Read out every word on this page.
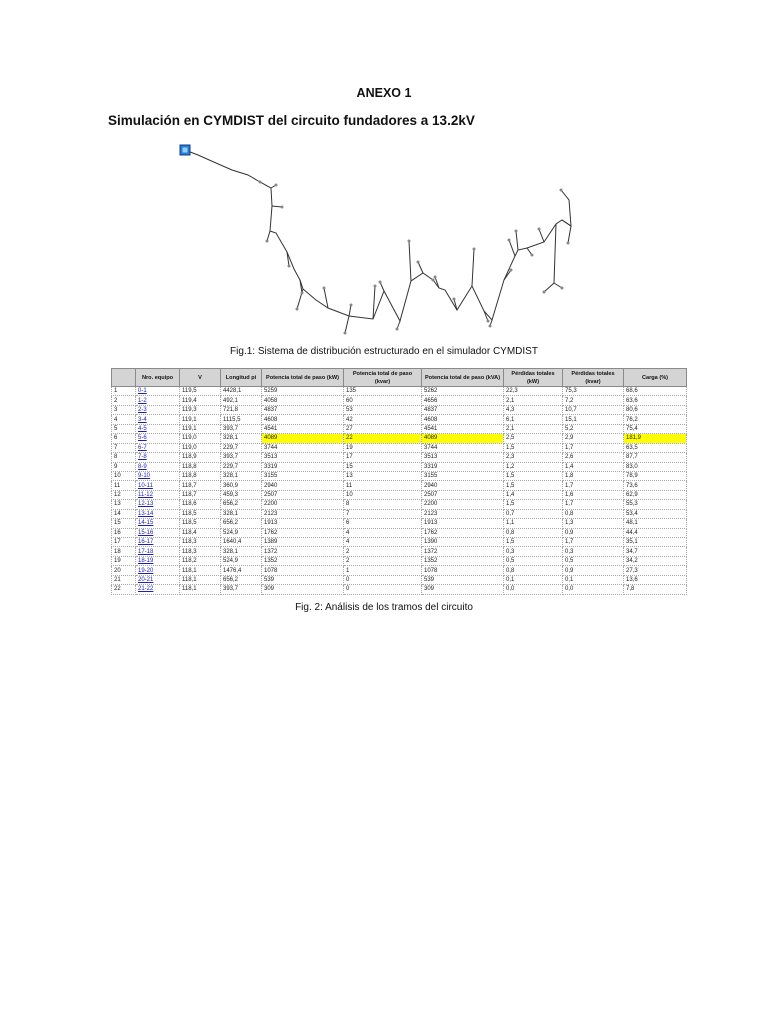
ANEXO 1
Simulación en CYMDIST del circuito fundadores a 13.2kV
Fig.1: Sistema de distribución estructurado en el simulador CYMDIST
	Nro. equipo	V	Longitud pi	Potencia total de paso (kW)	Potencia total de paso (kvar)	Potencia total de paso (kVA)	Pérdidas totales (kW)	Pérdidas totales (kvar)	Carga (%)
1	0-1	119,5	4428,1	5259	135	5262	22,3	75,3	68,6
2	1-2	119,4	492,1	4058	60	4656	2,1	7,2	63,6
3	2-3	119,3	721,8	4837	53	4837	4,3	10,7	80,6
4	3-4	119,1	1115,5	4608	42	4608	6,1	15,1	76,2
5	4-5	119,1	393,7	4541	27	4541	2,1	5,2	75,4
6	5-6	119,0	328,1	4089	22	4089	2,5	2,9	181,9
7	6-7	119,0	229,7	3744	19	3744	1,5	1,7	63,5
8	7-8	118,9	393,7	3513	17	3513	2,3	2,6	87,7
9	8-9	118,8	229,7	3319	15	3319	1,2	1,4	83,0
10	9-10	118,8	328,1	3155	13	3155	1,5	1,8	78,9
11	10-11	118,7	360,9	2940	11	2940	1,5	1,7	73,6
12	11-12	118,7	459,3	2507	10	2507	1,4	1,6	62,9
13	12-13	118,6	656,2	2200	8	2200	1,5	1,7	55,3
14	13-14	118,5	328,1	2123	7	2123	0,7	0,8	53,4
15	14-15	118,5	656,2	1913	6	1913	1,1	1,3	48,1
16	15-16	118,4	524,9	1762	4	1762	0,8	0,9	44,4
17	16-17	118,3	1640,4	1389	4	1390	1,5	1,7	35,1
18	17-18	118,3	328,1	1372	2	1372	0,3	0,3	34,7
19	18-19	118,2	524,9	1352	2	1352	0,5	0,5	34,2
20	19-20	118,1	1476,4	1078	1	1078	0,8	0,9	27,3
21	20-21	118,1	656,2	539	0	539	0,1	0,1	13,6
22	21-22	118,1	393,7	309	0	309	0,0	0,0	7,8
Fig. 2: Análisis de los tramos del circuito
